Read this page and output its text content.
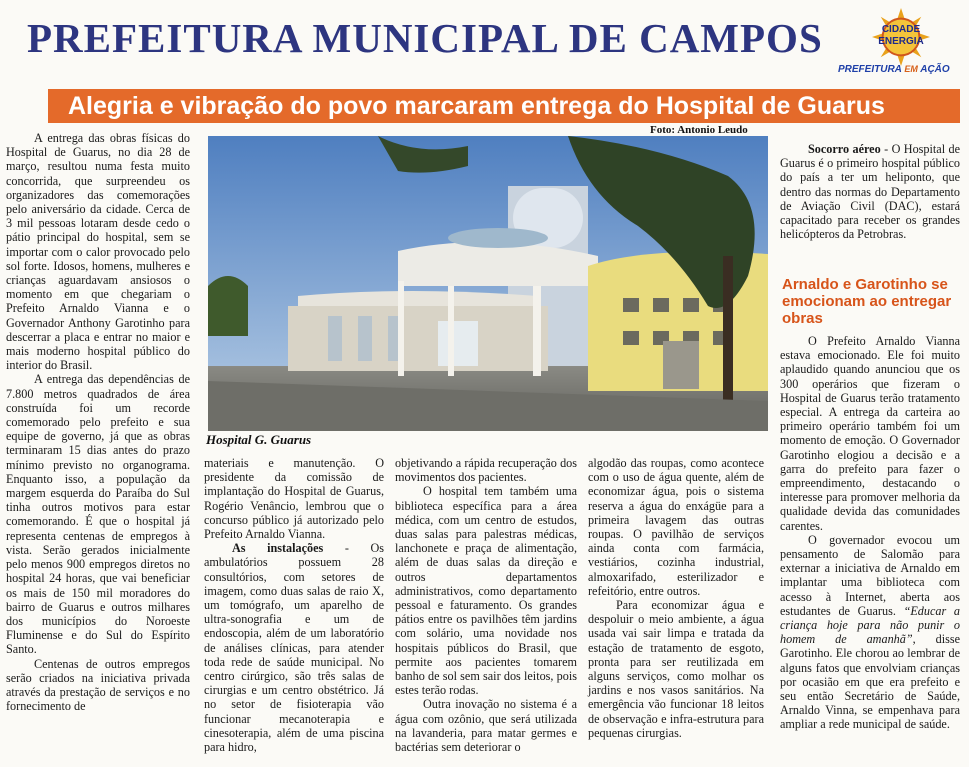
PREFEITURA MUNICIPAL DE CAMPOS	CIDADE
ENERGIA
PREFEITURA EM AÇÃO
Alegria e vibração do povo marcaram entrega do Hospital de Guarus
Foto: Antonio Leudo
Hospital G. Guarus

A entrega das obras físicas do Hospital de Guarus, no dia 28 de março, resultou numa festa muito concorrida, que surpreendeu os organizadores das comemorações pelo aniversário da cidade. Cerca de 3 mil pessoas lotaram desde cedo o pátio principal do hospital, sem se importar com o calor provocado pelo sol forte. Idosos, homens, mulheres e crianças aguardavam ansiosos o momento em que chegariam o Prefeito Arnaldo Vianna e o Governador Anthony Garotinho para descerrar a placa e entrar no maior e mais moderno hospital público do interior do Brasil.

A entrega das dependências de 7.800 metros quadrados de área construída foi um recorde comemorado pelo prefeito e sua equipe de governo, já que as obras terminaram 15 dias antes do prazo mínimo previsto no organograma. Enquanto isso, a população da margem esquerda do Paraíba do Sul tinha outros motivos para estar comemorando. É que o hospital já representa centenas de empregos à vista. Serão gerados inicialmente pelo menos 900 empregos diretos no hospital 24 horas, que vai beneficiar os mais de 150 mil moradores do bairro de Guarus e outros milhares dos municípios do Noroeste Fluminense e do Sul do Espírito Santo.

Centenas de outros empregos serão criados na iniciativa privada através da prestação de serviços e no fornecimento de

materiais e manutenção. O presidente da comissão de implantação do Hospital de Guarus, Rogério Venâncio, lembrou que o concurso público já autorizado pelo Prefeito Arnaldo Vianna.

As instalações - Os ambulatórios possuem 28 consultórios, com setores de imagem, como duas salas de raio X, um tomógrafo, um aparelho de ultra-sonografia e um de endoscopia, além de um laboratório de análises clínicas, para atender toda rede de saúde municipal. No centro cirúrgico, são três salas de cirurgias e um centro obstétrico. Já no setor de fisioterapia vão funcionar mecanoterapia e cinesoterapia, além de uma piscina para hidro,

objetivando a rápida recuperação dos movimentos dos pacientes.

O hospital tem também uma biblioteca específica para a área médica, com um centro de estudos, duas salas para palestras médicas, lanchonete e praça de alimentação, além de duas salas da direção e outros departamentos administrativos, como departamento pessoal e faturamento. Os grandes pátios entre os pavilhões têm jardins com solário, uma novidade nos hospitais públicos do Brasil, que permite aos pacientes tomarem banho de sol sem sair dos leitos, pois estes terão rodas.

Outra inovação no sistema é a água com ozônio, que será utilizada na lavanderia, para matar germes e bactérias sem deteriorar o

algodão das roupas, como acontece com o uso de água quente, além de economizar água, pois o sistema reserva a água do enxágüe para a primeira lavagem das outras roupas. O pavilhão de serviços ainda conta com farmácia, vestiários, cozinha industrial, almoxarifado, esterilizador e refeitório, entre outros.

Para economizar água e despoluir o meio ambiente, a água usada vai sair limpa e tratada da estação de tratamento de esgoto, pronta para ser reutilizada em alguns serviços, como molhar os jardins e nos vasos sanitários. Na emergência vão funcionar 18 leitos de observação e infra-estrutura para pequenas cirurgias.

Socorro aéreo - O Hospital de Guarus é o primeiro hospital público do país a ter um heliponto, que dentro das normas do Departamento de Aviação Civil (DAC), estará capacitado para receber os grandes helicópteros da Petrobras.

Arnaldo e Garotinho se emocionam ao entregar obras

O Prefeito Arnaldo Vianna estava emocionado. Ele foi muito aplaudido quando anunciou que os 300 operários que fizeram o Hospital de Guarus terão tratamento especial. A entrega da carteira ao primeiro operário também foi um momento de emoção. O Governador Garotinho elogiou a decisão e a garra do prefeito para fazer o empreendimento, destacando o interesse para promover melhoria da qualidade devida das comunidades carentes.

O governador evocou um pensamento de Salomão para externar a iniciativa de Arnaldo em implantar uma biblioteca com acesso à Internet, aberta aos estudantes de Guarus. “Educar a criança hoje para não punir o homem de amanhã”, disse Garotinho. Ele chorou ao lembrar de alguns fatos que envolviam crianças por ocasião em que era prefeito e seu então Secretário de Saúde, Arnaldo Vinna, se empenhava para ampliar a rede municipal de saúde.
